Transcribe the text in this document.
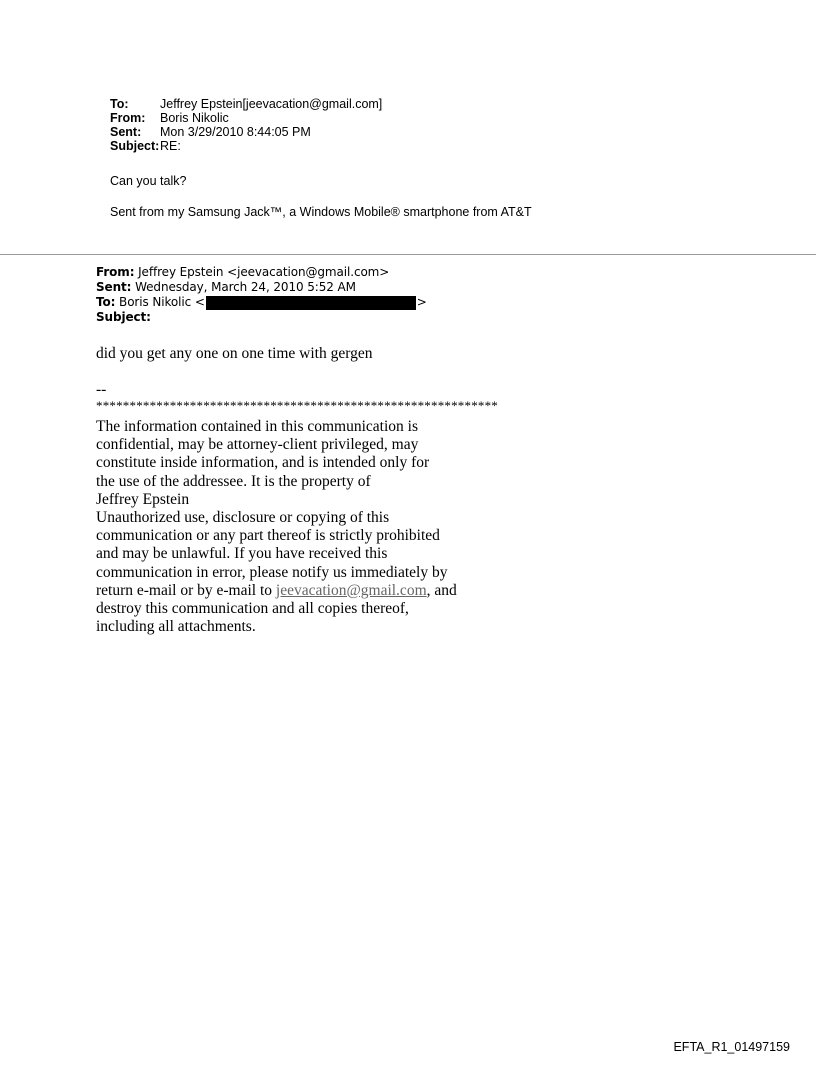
To:	Jeffrey Epstein[jeevacation@gmail.com]
From:	Boris Nikolic
Sent:	Mon 3/29/2010 8:44:05 PM
Subject: RE:
Can you talk?
Sent from my Samsung Jack™, a Windows Mobile® smartphone from AT&T
From: Jeffrey Epstein <jeevacation@gmail.com>
Sent: Wednesday, March 24, 2010 5:52 AM
To: Boris Nikolic <	>
Subject:
did you get any one on one time with gergen
--
************************************************************
The information contained in this communication is
confidential, may be attorney-client privileged, may
constitute inside information, and is intended only for
the use of the addressee. It is the property of
Jeffrey Epstein
Unauthorized use, disclosure or copying of this
communication or any part thereof is strictly prohibited
and may be unlawful. If you have received this
communication in error, please notify us immediately by
return e-mail or by e-mail to jeevacation@gmail.com, and
destroy this communication and all copies thereof,
including all attachments.
EFTA_R1_01497159
